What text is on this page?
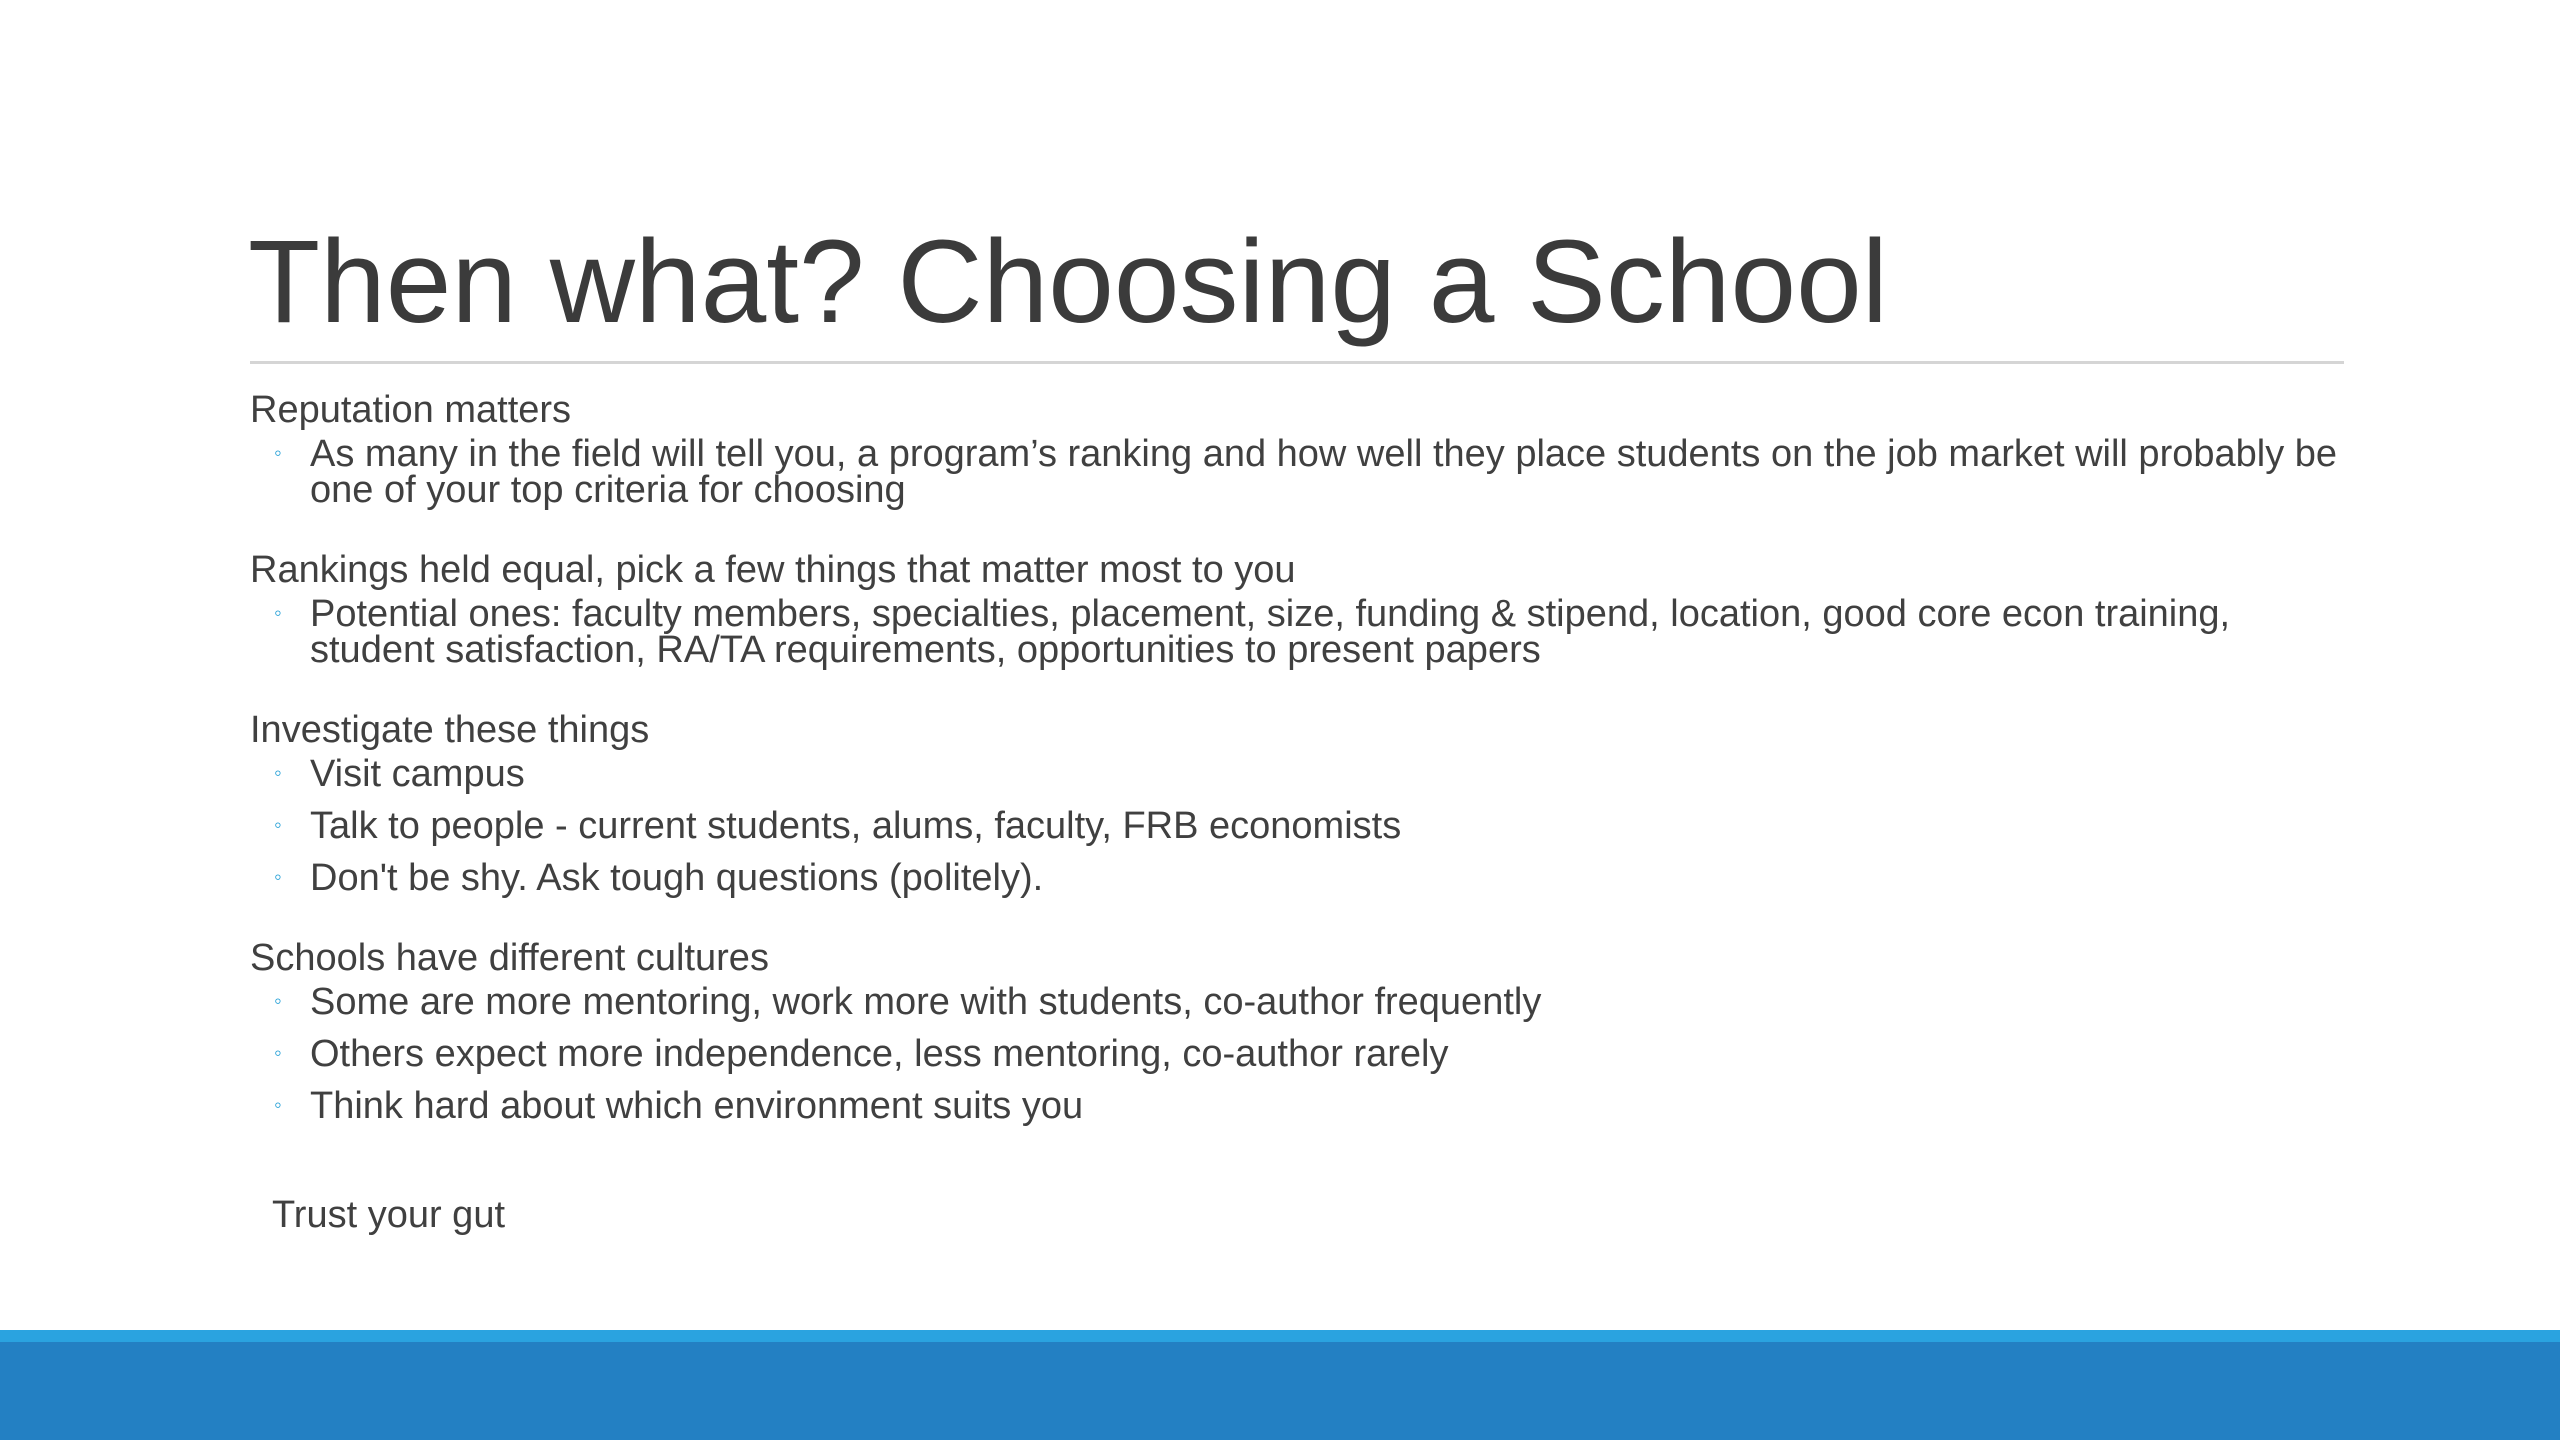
Then what? Choosing a School
Reputation matters
◦ As many in the field will tell you, a program’s ranking and how well they place students on the job market will probably be one of your top criteria for choosing
Rankings held equal, pick a few things that matter most to you
◦ Potential ones: faculty members, specialties, placement, size, funding & stipend, location, good core econ training, student satisfaction, RA/TA requirements, opportunities to present papers
Investigate these things
◦ Visit campus
◦ Talk to people - current students, alums, faculty, FRB economists
◦ Don't be shy. Ask tough questions (politely).
Schools have different cultures
◦ Some are more mentoring, work more with students, co-author frequently
◦ Others expect more independence, less mentoring, co-author rarely
◦ Think hard about which environment suits you
Trust your gut
